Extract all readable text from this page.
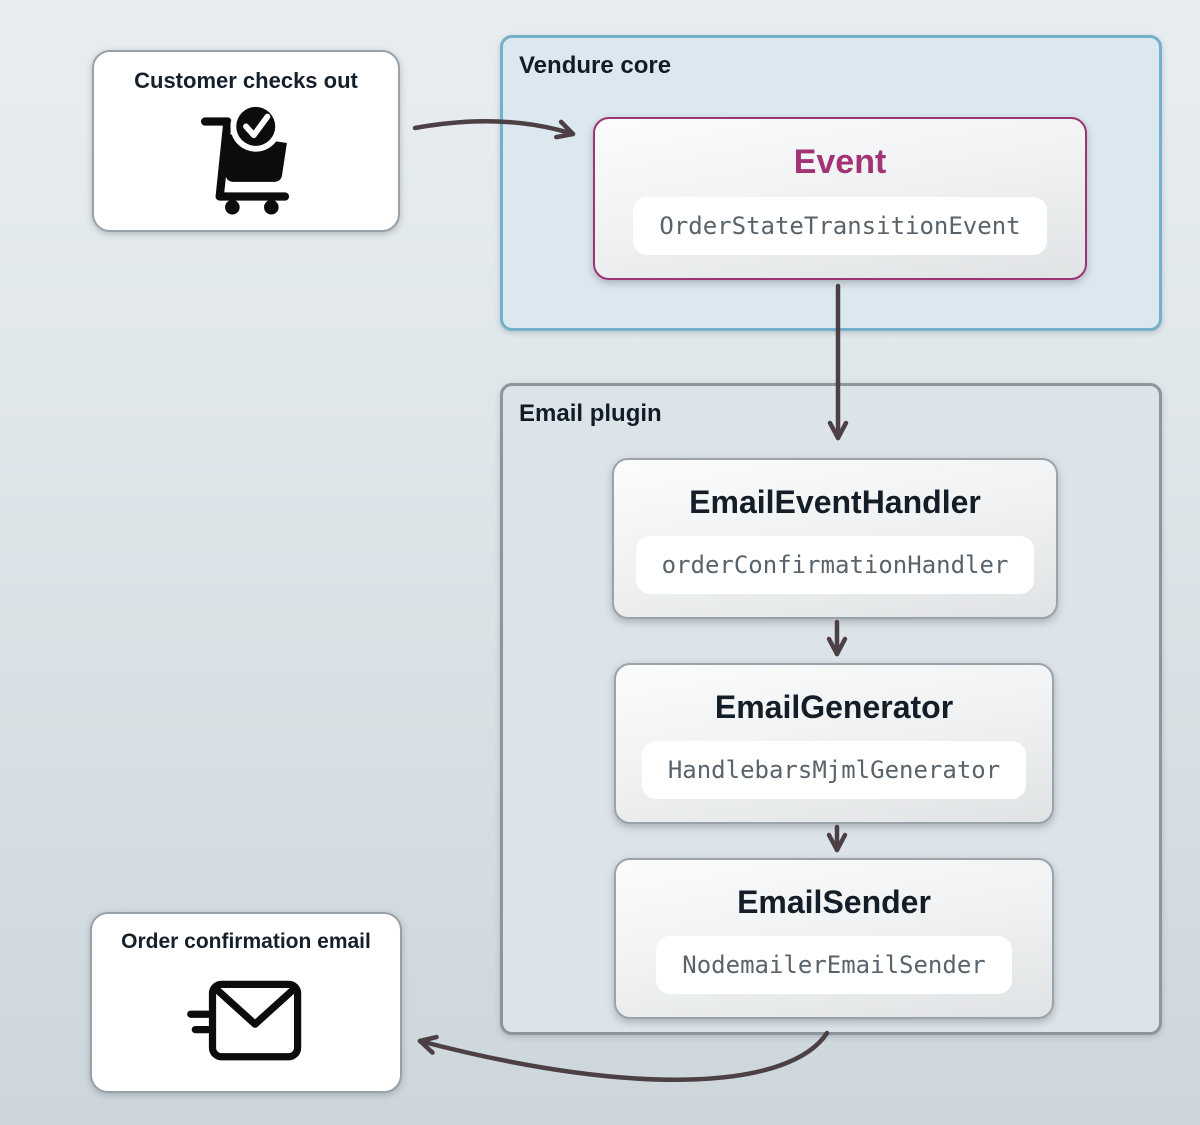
Vendure core
Email plugin
Customer checks out
Event
OrderStateTransitionEvent
EmailEventHandler
orderConfirmationHandler
EmailGenerator
HandlebarsMjmlGenerator
EmailSender
NodemailerEmailSender
Order confirmation email
